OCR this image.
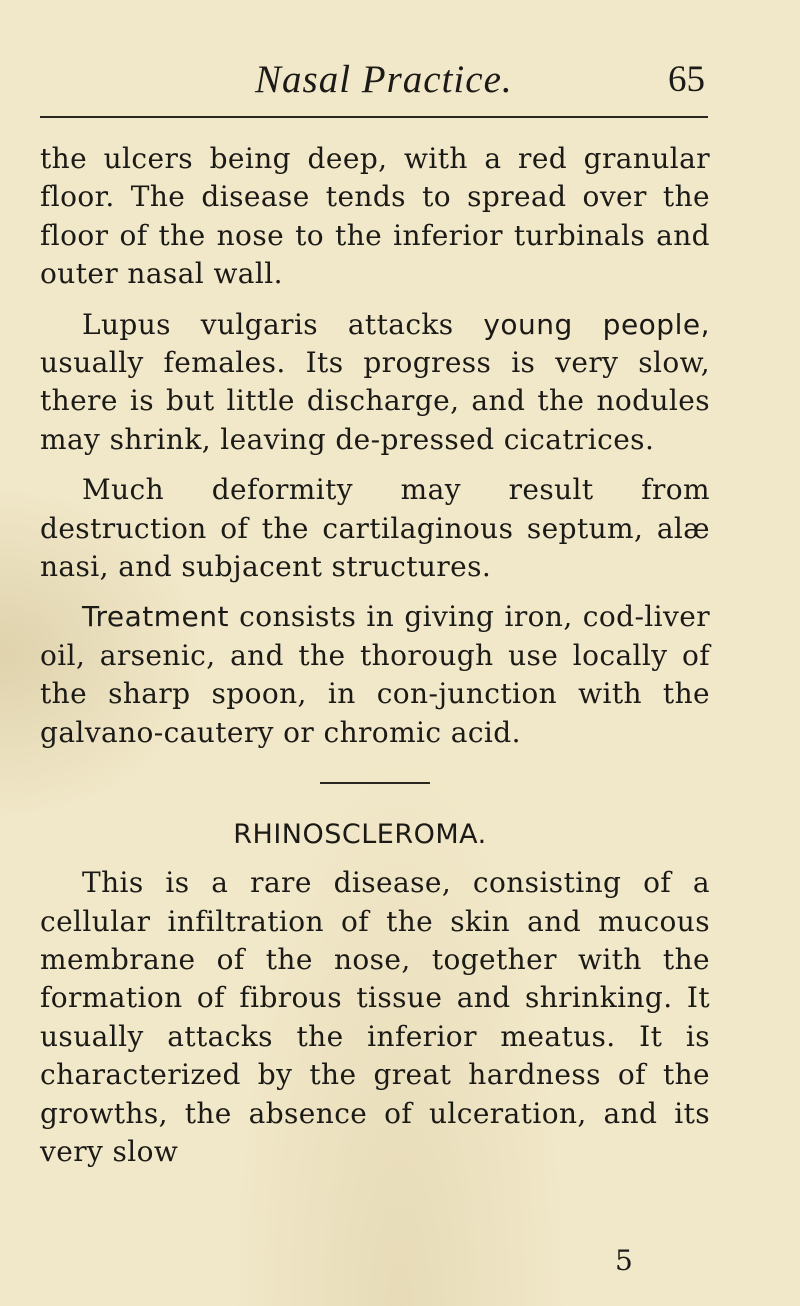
Nasal Practice.	65

the ulcers being deep, with a red granular floor. The disease tends to spread over the floor of the nose to the inferior turbinals and outer nasal wall.

Lupus vulgaris attacks young people, usually females. Its progress is very slow, there is but little discharge, and the nodules may shrink, leaving de-pressed cicatrices.

Much deformity may result from destruction of the cartilaginous septum, alæ nasi, and subjacent structures.

Treatment consists in giving iron, cod-liver oil, arsenic, and the thorough use locally of the sharp spoon, in con-junction with the galvano-cautery or chromic acid.

RHINOSCLEROMA.

This is a rare disease, consisting of a cellular infiltration of the skin and mucous membrane of the nose, together with the formation of fibrous tissue and shrinking. It usually attacks the inferior meatus. It is characterized by the great hardness of the growths, the absence of ulceration, and its very slow

5
